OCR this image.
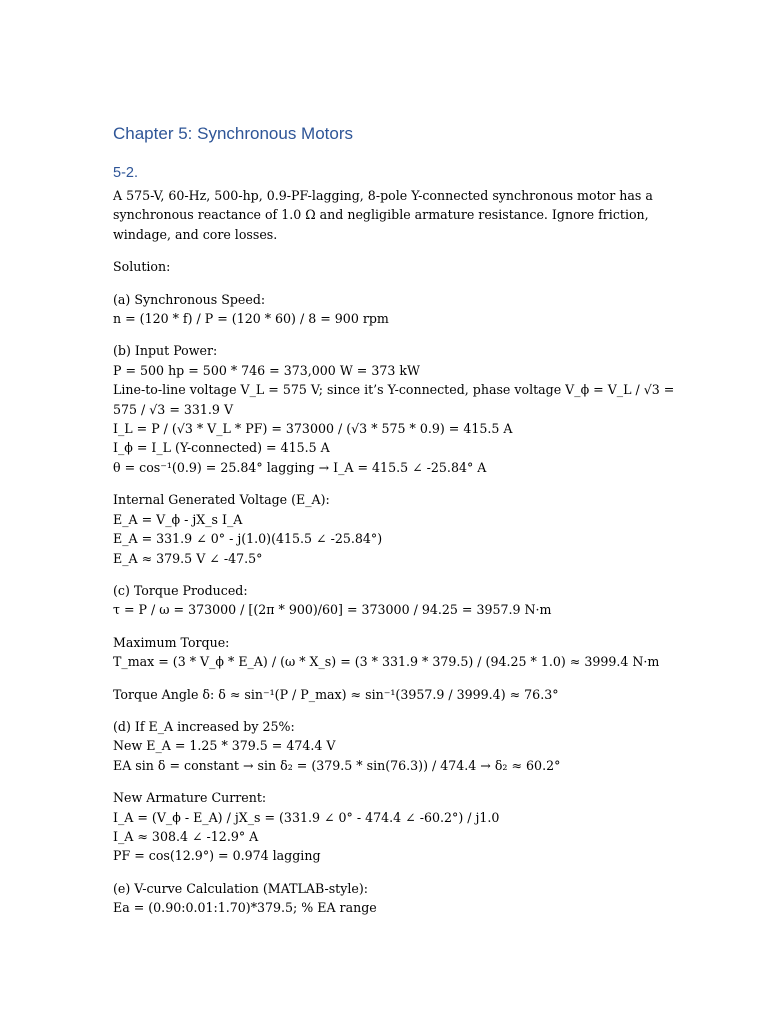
Chapter 5: Synchronous Motors
5-2.
A 575-V, 60-Hz, 500-hp, 0.9-PF-lagging, 8-pole Y-connected synchronous motor has a
synchronous reactance of 1.0 Ω and negligible armature resistance. Ignore friction,
windage, and core losses.
Solution:
(a) Synchronous Speed:
n = (120 * f) / P = (120 * 60) / 8 = 900 rpm
(b) Input Power:
P = 500 hp = 500 * 746 = 373,000 W = 373 kW
Line-to-line voltage V_L = 575 V; since it’s Y-connected, phase voltage V_ϕ = V_L / √3 =
575 / √3 = 331.9 V
I_L = P / (√3 * V_L * PF) = 373000 / (√3 * 575 * 0.9) = 415.5 A
I_ϕ = I_L (Y-connected) = 415.5 A
θ = cos⁻¹(0.9) = 25.84° lagging → I_A = 415.5 ∠ -25.84° A
Internal Generated Voltage (E_A):
E_A = V_ϕ - jX_s I_A
E_A = 331.9 ∠ 0° - j(1.0)(415.5 ∠ -25.84°)
E_A ≈ 379.5 V ∠ -47.5°
(c) Torque Produced:
τ = P / ω = 373000 / [(2π * 900)/60] = 373000 / 94.25 = 3957.9 N·m
Maximum Torque:
T_max = (3 * V_ϕ * E_A) / (ω * X_s) = (3 * 331.9 * 379.5) / (94.25 * 1.0) ≈ 3999.4 N·m
Torque Angle δ: δ ≈ sin⁻¹(P / P_max) ≈ sin⁻¹(3957.9 / 3999.4) ≈ 76.3°
(d) If E_A increased by 25%:
New E_A = 1.25 * 379.5 = 474.4 V
EA sin δ = constant → sin δ₂ = (379.5 * sin(76.3)) / 474.4 → δ₂ ≈ 60.2°
New Armature Current:
I_A = (V_ϕ - E_A) / jX_s = (331.9 ∠ 0° - 474.4 ∠ -60.2°) / j1.0
I_A ≈ 308.4 ∠ -12.9° A
PF = cos(12.9°) = 0.974 lagging
(e) V-curve Calculation (MATLAB-style):
Ea = (0.90:0.01:1.70)*379.5; % EA range
